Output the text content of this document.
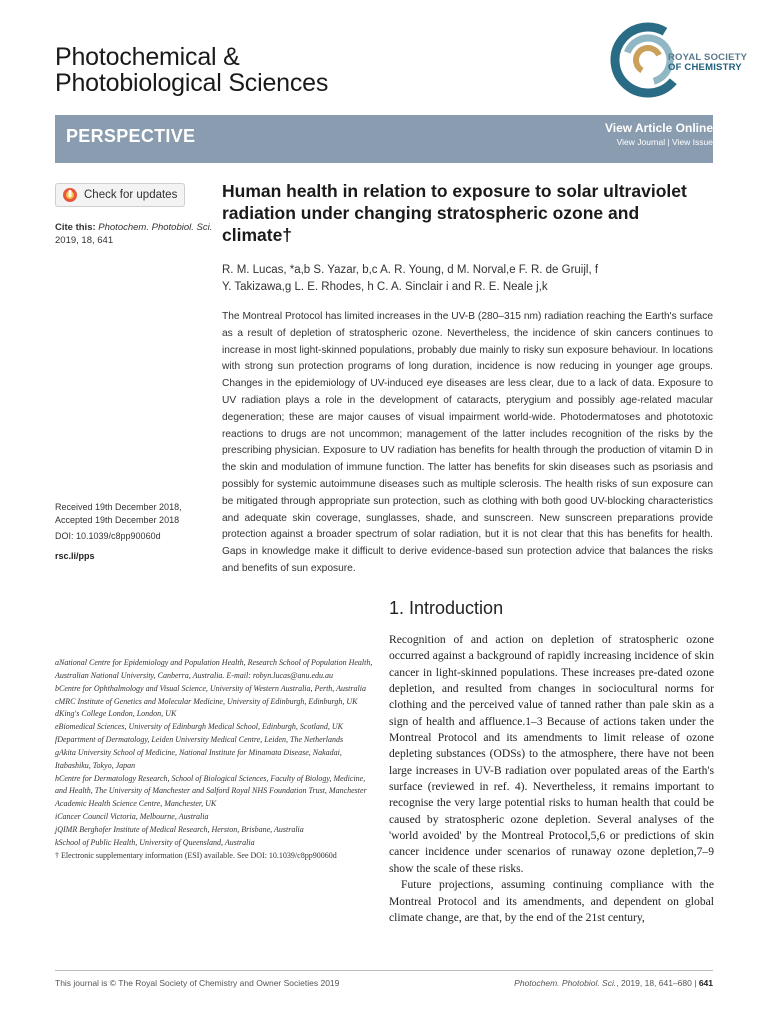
Photochemical &
Photobiological Sciences
ROYAL SOCIETY
OF CHEMISTRY
PERSPECTIVE	View Article Online
View Journal | View Issue
Check for updates
Cite this: Photochem. Photobiol. Sci.
2019, 18, 641
Human health in relation to exposure to solar ultraviolet radiation under changing stratospheric ozone and climate†
R. M. Lucas, *a,b S. Yazar, b,c A. R. Young, d M. Norval,e F. R. de Gruijl, f
Y. Takizawa,g L. E. Rhodes, h C. A. Sinclair i and R. E. Neale j,k
The Montreal Protocol has limited increases in the UV-B (280–315 nm) radiation reaching the Earth's surface as a result of depletion of stratospheric ozone. Nevertheless, the incidence of skin cancers continues to increase in most light-skinned populations, probably due mainly to risky sun exposure behaviour. In locations with strong sun protection programs of long duration, incidence is now reducing in younger age groups. Changes in the epidemiology of UV-induced eye diseases are less clear, due to a lack of data. Exposure to UV radiation plays a role in the development of cataracts, pterygium and possibly age-related macular degeneration; these are major causes of visual impairment world-wide. Photodermatoses and phototoxic reactions to drugs are not uncommon; management of the latter includes recognition of the risks by the prescribing physician. Exposure to UV radiation has benefits for health through the production of vitamin D in the skin and modulation of immune function. The latter has benefits for skin diseases such as psoriasis and possibly for systemic autoimmune diseases such as multiple sclerosis. The health risks of sun exposure can be mitigated through appropriate sun protection, such as clothing with both good UV-blocking characteristics and adequate skin coverage, sunglasses, shade, and sunscreen. New sunscreen preparations provide protection against a broader spectrum of solar radiation, but it is not clear that this has benefits for health. Gaps in knowledge make it difficult to derive evidence-based sun protection advice that balances the risks and benefits of sun exposure.
Received 19th December 2018,
Accepted 19th December 2018
DOI: 10.1039/c8pp90060d
rsc.li/pps
1. Introduction

Recognition of and action on depletion of stratospheric ozone occurred against a background of rapidly increasing incidence of skin cancer in light-skinned populations. These increases pre-dated ozone depletion, and resulted from changes in sociocultural norms for clothing and the perceived value of tanned rather than pale skin as a sign of health and affluence.1–3 Because of actions taken under the Montreal Protocol and its amendments to limit release of ozone depleting substances (ODSs) to the atmosphere, there have not been large increases in UV-B radiation over populated areas of the Earth's surface (reviewed in ref. 4). Nevertheless, it remains important to recognise the very large potential risks to human health that could be caused by stratospheric ozone depletion. Several analyses of the 'world avoided' by the Montreal Protocol,5,6 or predictions of skin cancer incidence under scenarios of runaway ozone depletion,7–9 show the scale of these risks.

Future projections, assuming continuing compliance with the Montreal Protocol and its amendments, and dependent on global climate change, are that, by the end of the 21st century,

aNational Centre for Epidemiology and Population Health, Research School of Population Health, Australian National University, Canberra, Australia. E-mail: robyn.lucas@anu.edu.au
bCentre for Ophthalmology and Visual Science, University of Western Australia, Perth, Australia
cMRC Institute of Genetics and Molecular Medicine, University of Edinburgh, Edinburgh, UK
dKing's College London, London, UK
eBiomedical Sciences, University of Edinburgh Medical School, Edinburgh, Scotland, UK
fDepartment of Dermatology, Leiden University Medical Centre, Leiden, The Netherlands
gAkita University School of Medicine, National Institute for Minamata Disease, Nakadai, Itabashiku, Tokyo, Japan
hCentre for Dermatology Research, School of Biological Sciences, Faculty of Biology, Medicine, and Health, The University of Manchester and Salford Royal NHS Foundation Trust, Manchester Academic Health Science Centre, Manchester, UK
iCancer Council Victoria, Melbourne, Australia
jQIMR Berghofer Institute of Medical Research, Herston, Brisbane, Australia
kSchool of Public Health, University of Queensland, Australia
† Electronic supplementary information (ESI) available. See DOI: 10.1039/c8pp90060d
This journal is © The Royal Society of Chemistry and Owner Societies 2019	Photochem. Photobiol. Sci., 2019, 18, 641–680 | 641
